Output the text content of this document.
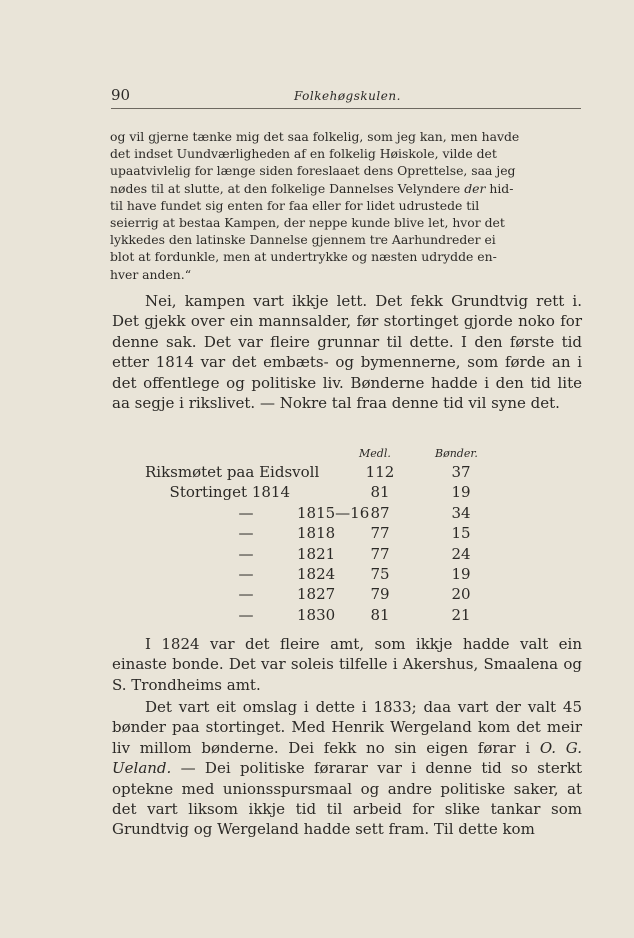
90	Folkehøgskulen.

og vil gjerne tænke mig det saa folkelig, som jeg kan, men havde

det indset Uundværligheden af en folkelig Høiskole, vilde det

upaatvivlelig for længe siden foreslaaet dens Oprettelse, saa jeg

nødes til at slutte, at den folkelige Dannelses Velyndere der hid-

til have fundet sig enten for faa eller for lidet udrustede til

seierrig at bestaa Kampen, der neppe kunde blive let, hvor det

lykkedes den latinske Dannelse gjennem tre Aarhundreder ei

blot at fordunkle, men at undertrykke og næsten udrydde en-

hver anden.“

Nei, kampen vart ikkje lett. Det fekk Grundtvig rett i. Det gjekk over ein mannsalder, før stortinget gjorde noko for denne sak. Det var fleire grunnar til dette. I den første tid etter 1814 var det embæts- og bymennerne, som førde an i det offentlege og politiske liv. Bønderne hadde i den tid lite aa segje i rikslivet. — Nokre tal fraa denne tid vil syne det.

Medl.	Bønder.
Riksmøtet paa Eidsvoll	112	37
Stortinget 1814	81	19
—	1815—16 87	34
—	1818	77	15
—	1821	77	24
—	1824	75	19
—	1827	79	20
—	1830	81	21

I 1824 var det fleire amt, som ikkje hadde valt ein einaste bonde. Det var soleis tilfelle i Akershus, Smaalena og S. Trondheims amt.

Det vart eit omslag i dette i 1833; daa vart der valt 45 bønder paa stortinget. Med Henrik Wergeland kom det meir liv millom bønderne. Dei fekk no sin eigen førar i O. G. Ueland. — Dei politiske førarar var i denne tid so sterkt optekne med unionsspursmaal og andre politiske saker, at det vart liksom ikkje tid til arbeid for slike tankar som Grundtvig og Wergeland hadde sett fram. Til dette kom
